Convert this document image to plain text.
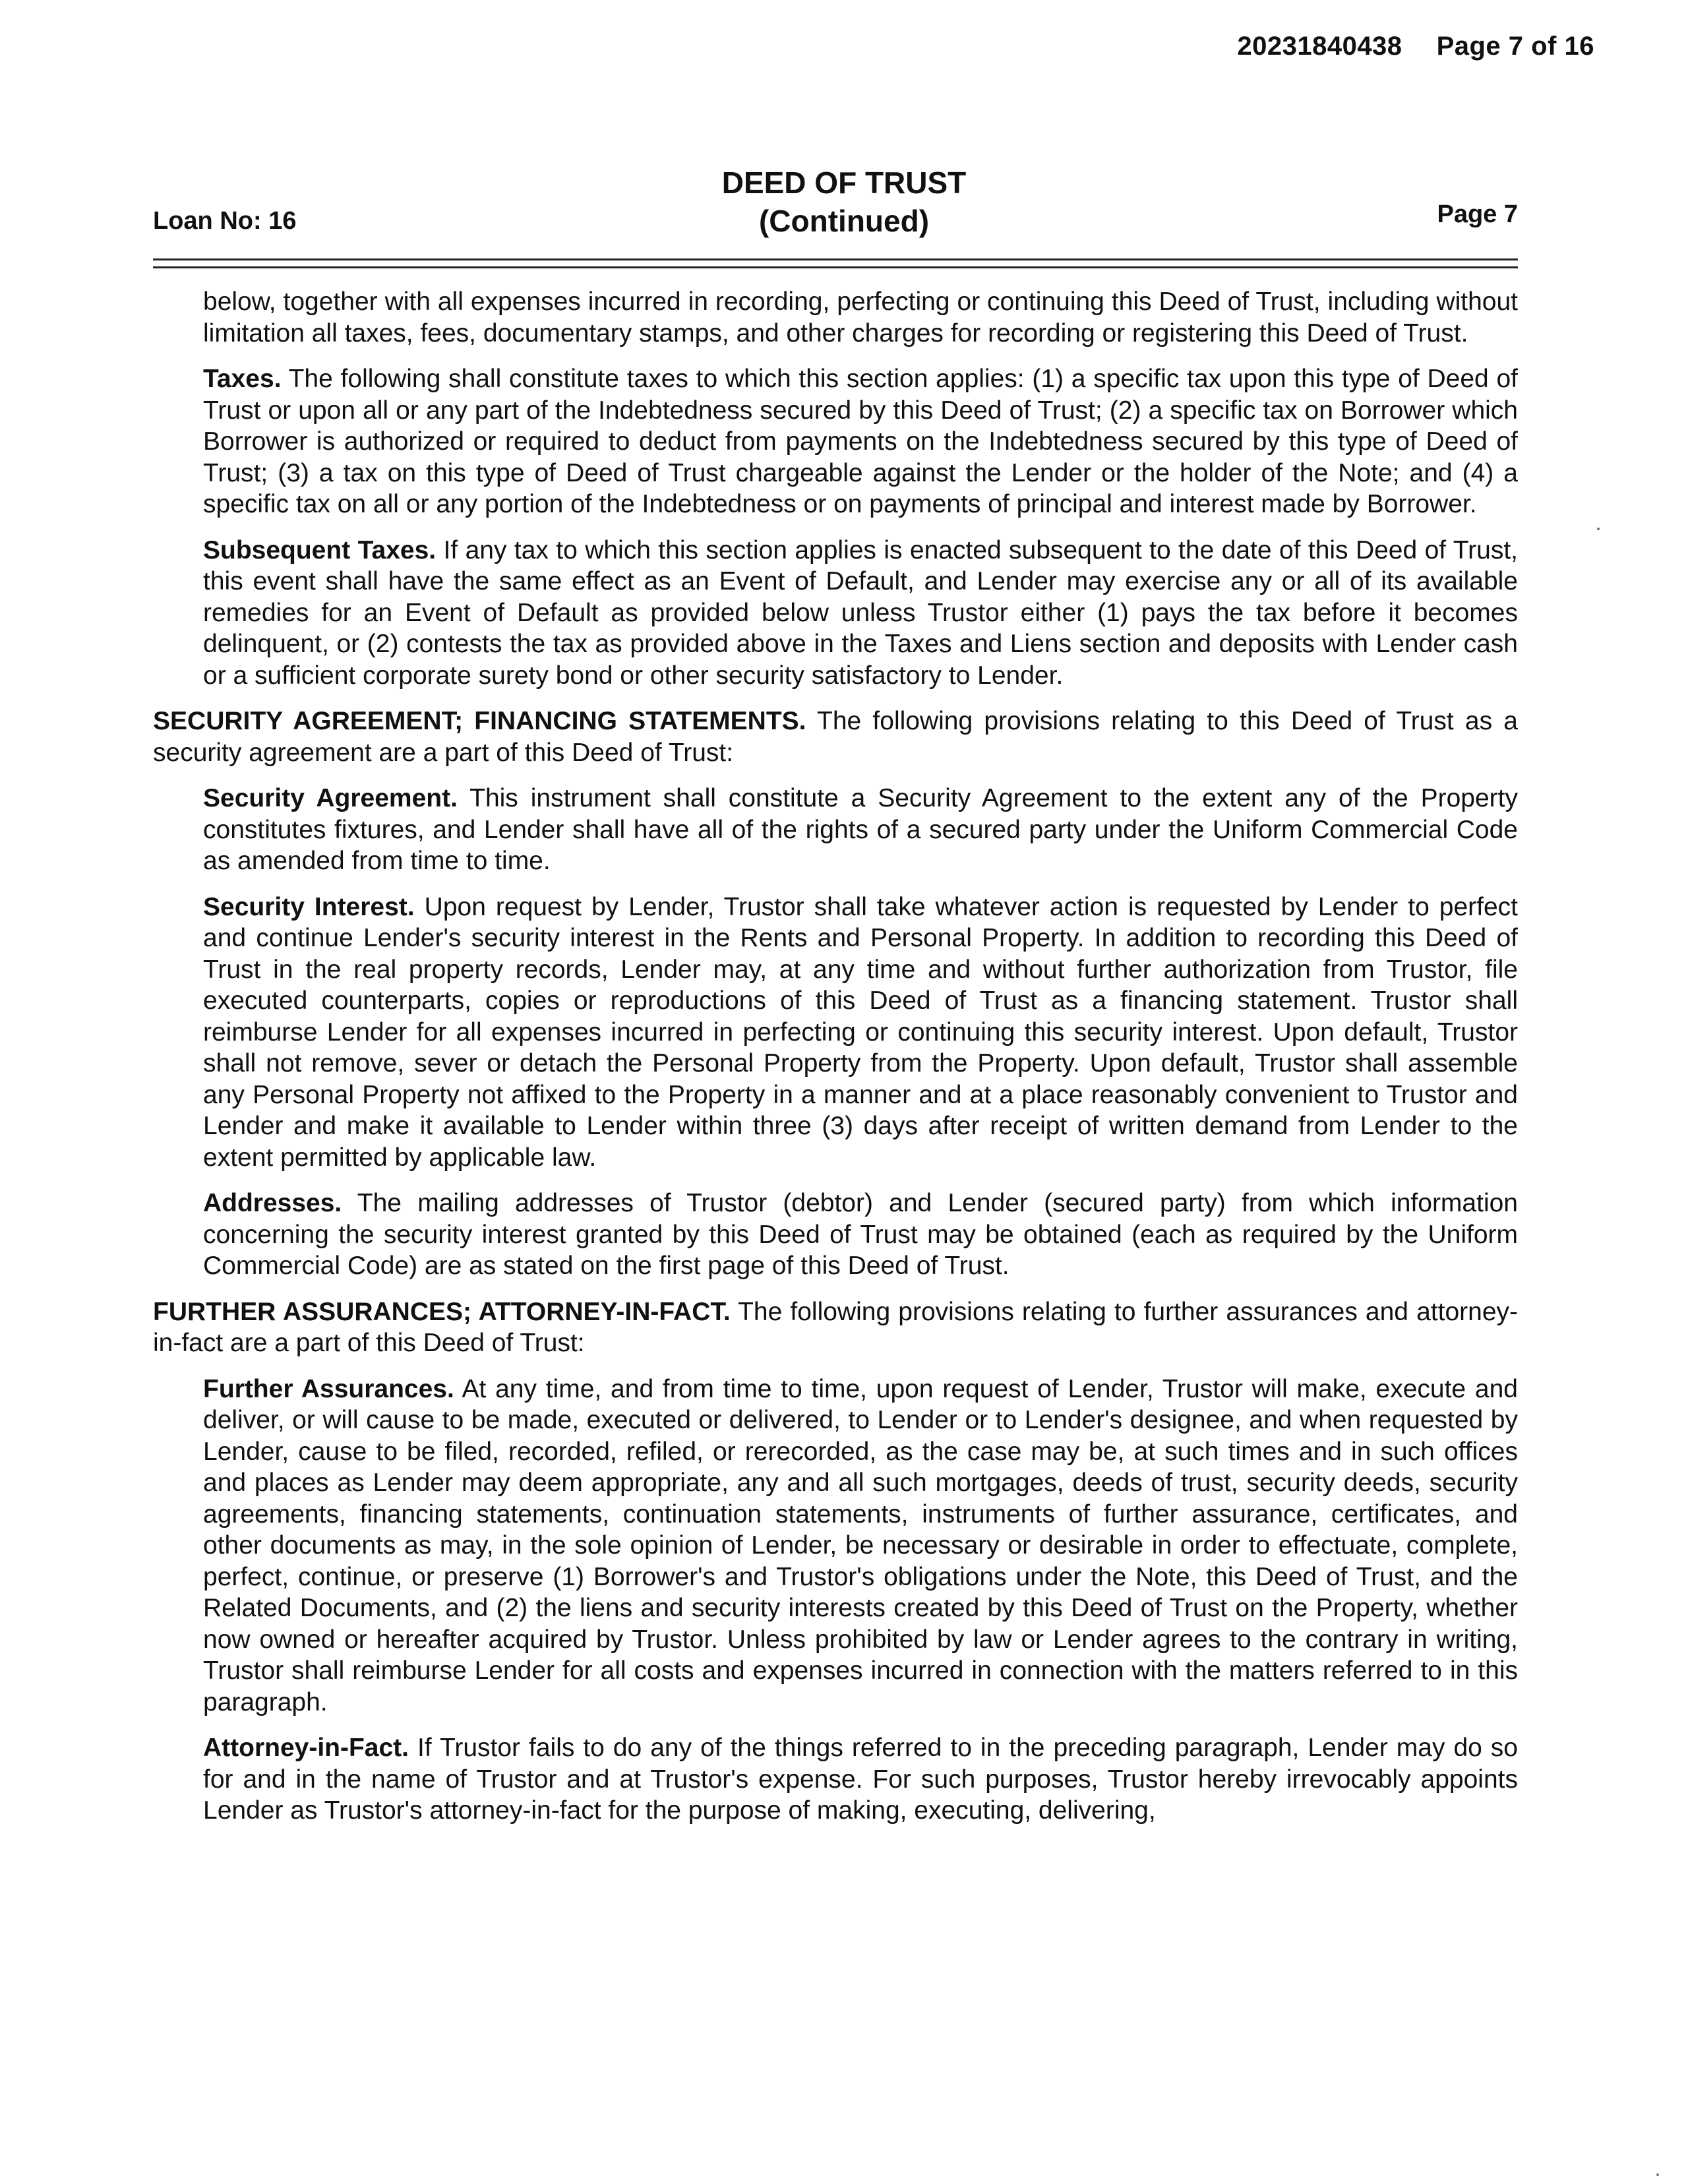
20231840438 Page 7 of 16
DEED OF TRUST
(Continued)
Loan No: 16	Page 7

below, together with all expenses incurred in recording, perfecting or continuing this Deed of Trust, including without limitation all taxes, fees, documentary stamps, and other charges for recording or registering this Deed of Trust.

Taxes. The following shall constitute taxes to which this section applies: (1) a specific tax upon this type of Deed of Trust or upon all or any part of the Indebtedness secured by this Deed of Trust; (2) a specific tax on Borrower which Borrower is authorized or required to deduct from payments on the Indebtedness secured by this type of Deed of Trust; (3) a tax on this type of Deed of Trust chargeable against the Lender or the holder of the Note; and (4) a specific tax on all or any portion of the Indebtedness or on payments of principal and interest made by Borrower.

Subsequent Taxes. If any tax to which this section applies is enacted subsequent to the date of this Deed of Trust, this event shall have the same effect as an Event of Default, and Lender may exercise any or all of its available remedies for an Event of Default as provided below unless Trustor either (1) pays the tax before it becomes delinquent, or (2) contests the tax as provided above in the Taxes and Liens section and deposits with Lender cash or a sufficient corporate surety bond or other security satisfactory to Lender.

SECURITY AGREEMENT; FINANCING STATEMENTS. The following provisions relating to this Deed of Trust as a security agreement are a part of this Deed of Trust:

Security Agreement. This instrument shall constitute a Security Agreement to the extent any of the Property constitutes fixtures, and Lender shall have all of the rights of a secured party under the Uniform Commercial Code as amended from time to time.

Security Interest. Upon request by Lender, Trustor shall take whatever action is requested by Lender to perfect and continue Lender's security interest in the Rents and Personal Property. In addition to recording this Deed of Trust in the real property records, Lender may, at any time and without further authorization from Trustor, file executed counterparts, copies or reproductions of this Deed of Trust as a financing statement. Trustor shall reimburse Lender for all expenses incurred in perfecting or continuing this security interest. Upon default, Trustor shall not remove, sever or detach the Personal Property from the Property. Upon default, Trustor shall assemble any Personal Property not affixed to the Property in a manner and at a place reasonably convenient to Trustor and Lender and make it available to Lender within three (3) days after receipt of written demand from Lender to the extent permitted by applicable law.

Addresses. The mailing addresses of Trustor (debtor) and Lender (secured party) from which information concerning the security interest granted by this Deed of Trust may be obtained (each as required by the Uniform Commercial Code) are as stated on the first page of this Deed of Trust.

FURTHER ASSURANCES; ATTORNEY-IN-FACT. The following provisions relating to further assurances and attorney-in-fact are a part of this Deed of Trust:

Further Assurances. At any time, and from time to time, upon request of Lender, Trustor will make, execute and deliver, or will cause to be made, executed or delivered, to Lender or to Lender's designee, and when requested by Lender, cause to be filed, recorded, refiled, or rerecorded, as the case may be, at such times and in such offices and places as Lender may deem appropriate, any and all such mortgages, deeds of trust, security deeds, security agreements, financing statements, continuation statements, instruments of further assurance, certificates, and other documents as may, in the sole opinion of Lender, be necessary or desirable in order to effectuate, complete, perfect, continue, or preserve (1) Borrower's and Trustor's obligations under the Note, this Deed of Trust, and the Related Documents, and (2) the liens and security interests created by this Deed of Trust on the Property, whether now owned or hereafter acquired by Trustor. Unless prohibited by law or Lender agrees to the contrary in writing, Trustor shall reimburse Lender for all costs and expenses incurred in connection with the matters referred to in this paragraph.

Attorney-in-Fact. If Trustor fails to do any of the things referred to in the preceding paragraph, Lender may do so for and in the name of Trustor and at Trustor's expense. For such purposes, Trustor hereby irrevocably appoints Lender as Trustor's attorney-in-fact for the purpose of making, executing, delivering,
